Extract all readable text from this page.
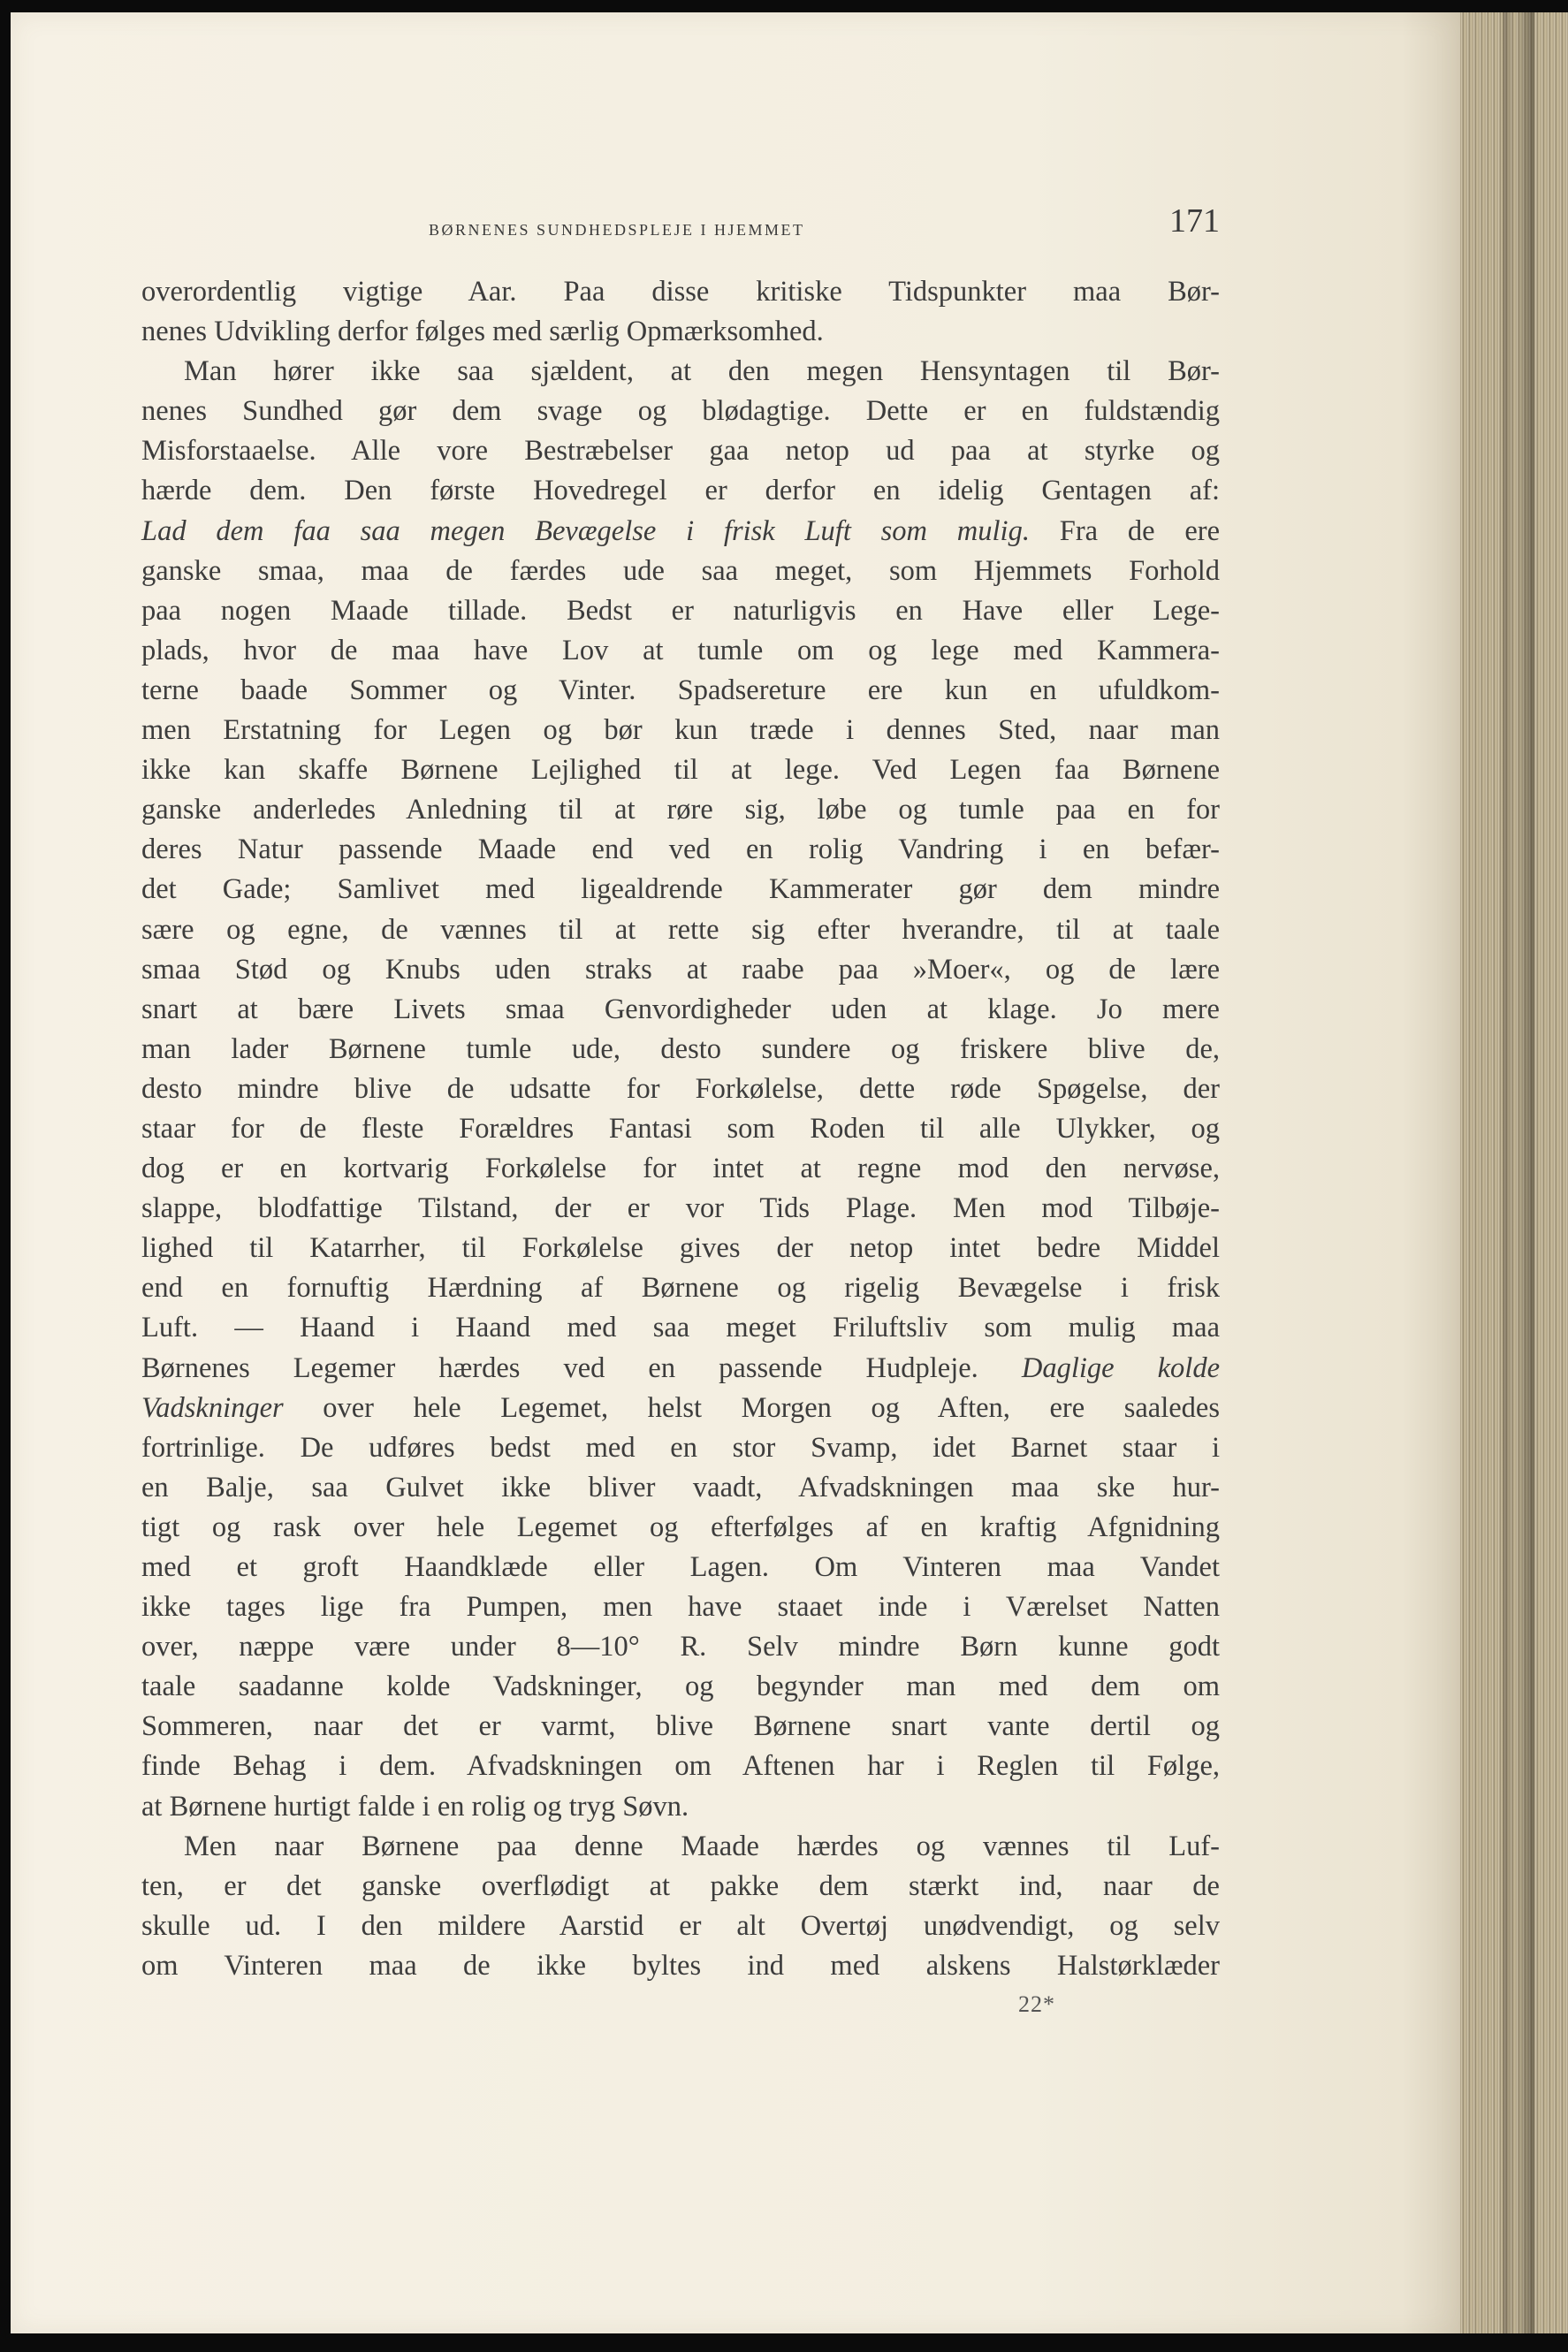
BØRNENES SUNDHEDSPLEJE I HJEMMET	171
overordentlig vigtige Aar. Paa disse kritiske Tidspunkter maa Bør-
nenes Udvikling derfor følges med særlig Opmærksomhed.
Man hører ikke saa sjældent, at den megen Hensyntagen til Bør-
nenes Sundhed gør dem svage og blødagtige. Dette er en fuldstændig
Misforstaaelse. Alle vore Bestræbelser gaa netop ud paa at styrke og
hærde dem. Den første Hovedregel er derfor en idelig Gentagen af:
Lad dem faa saa megen Bevægelse i frisk Luft som mulig. Fra de ere
ganske smaa, maa de færdes ude saa meget, som Hjemmets Forhold
paa nogen Maade tillade. Bedst er naturligvis en Have eller Lege-
plads, hvor de maa have Lov at tumle om og lege med Kammera-
terne baade Sommer og Vinter. Spadsereture ere kun en ufuldkom-
men Erstatning for Legen og bør kun træde i dennes Sted, naar man
ikke kan skaffe Børnene Lejlighed til at lege. Ved Legen faa Børnene
ganske anderledes Anledning til at røre sig, løbe og tumle paa en for
deres Natur passende Maade end ved en rolig Vandring i en befær-
det Gade; Samlivet med ligealdrende Kammerater gør dem mindre
sære og egne, de vænnes til at rette sig efter hverandre, til at taale
smaa Stød og Knubs uden straks at raabe paa »Moer«, og de lære
snart at bære Livets smaa Genvordigheder uden at klage. Jo mere
man lader Børnene tumle ude, desto sundere og friskere blive de,
desto mindre blive de udsatte for Forkølelse, dette røde Spøgelse, der
staar for de fleste Forældres Fantasi som Roden til alle Ulykker, og
dog er en kortvarig Forkølelse for intet at regne mod den nervøse,
slappe, blodfattige Tilstand, der er vor Tids Plage. Men mod Tilbøje-
lighed til Katarrher, til Forkølelse gives der netop intet bedre Middel
end en fornuftig Hærdning af Børnene og rigelig Bevægelse i frisk
Luft. — Haand i Haand med saa meget Friluftsliv som mulig maa
Børnenes Legemer hærdes ved en passende Hudpleje. Daglige kolde
Vadskninger over hele Legemet, helst Morgen og Aften, ere saaledes
fortrinlige. De udføres bedst med en stor Svamp, idet Barnet staar i
en Balje, saa Gulvet ikke bliver vaadt, Afvadskningen maa ske hur-
tigt og rask over hele Legemet og efterfølges af en kraftig Afgnidning
med et groft Haandklæde eller Lagen. Om Vinteren maa Vandet
ikke tages lige fra Pumpen, men have staaet inde i Værelset Natten
over, næppe være under 8—10° R. Selv mindre Børn kunne godt
taale saadanne kolde Vadskninger, og begynder man med dem om
Sommeren, naar det er varmt, blive Børnene snart vante dertil og
finde Behag i dem. Afvadskningen om Aftenen har i Reglen til Følge,
at Børnene hurtigt falde i en rolig og tryg Søvn.
Men naar Børnene paa denne Maade hærdes og vænnes til Luf-
ten, er det ganske overflødigt at pakke dem stærkt ind, naar de
skulle ud. I den mildere Aarstid er alt Overtøj unødvendigt, og selv
om Vinteren maa de ikke byltes ind med alskens Halstørklæder
22*
